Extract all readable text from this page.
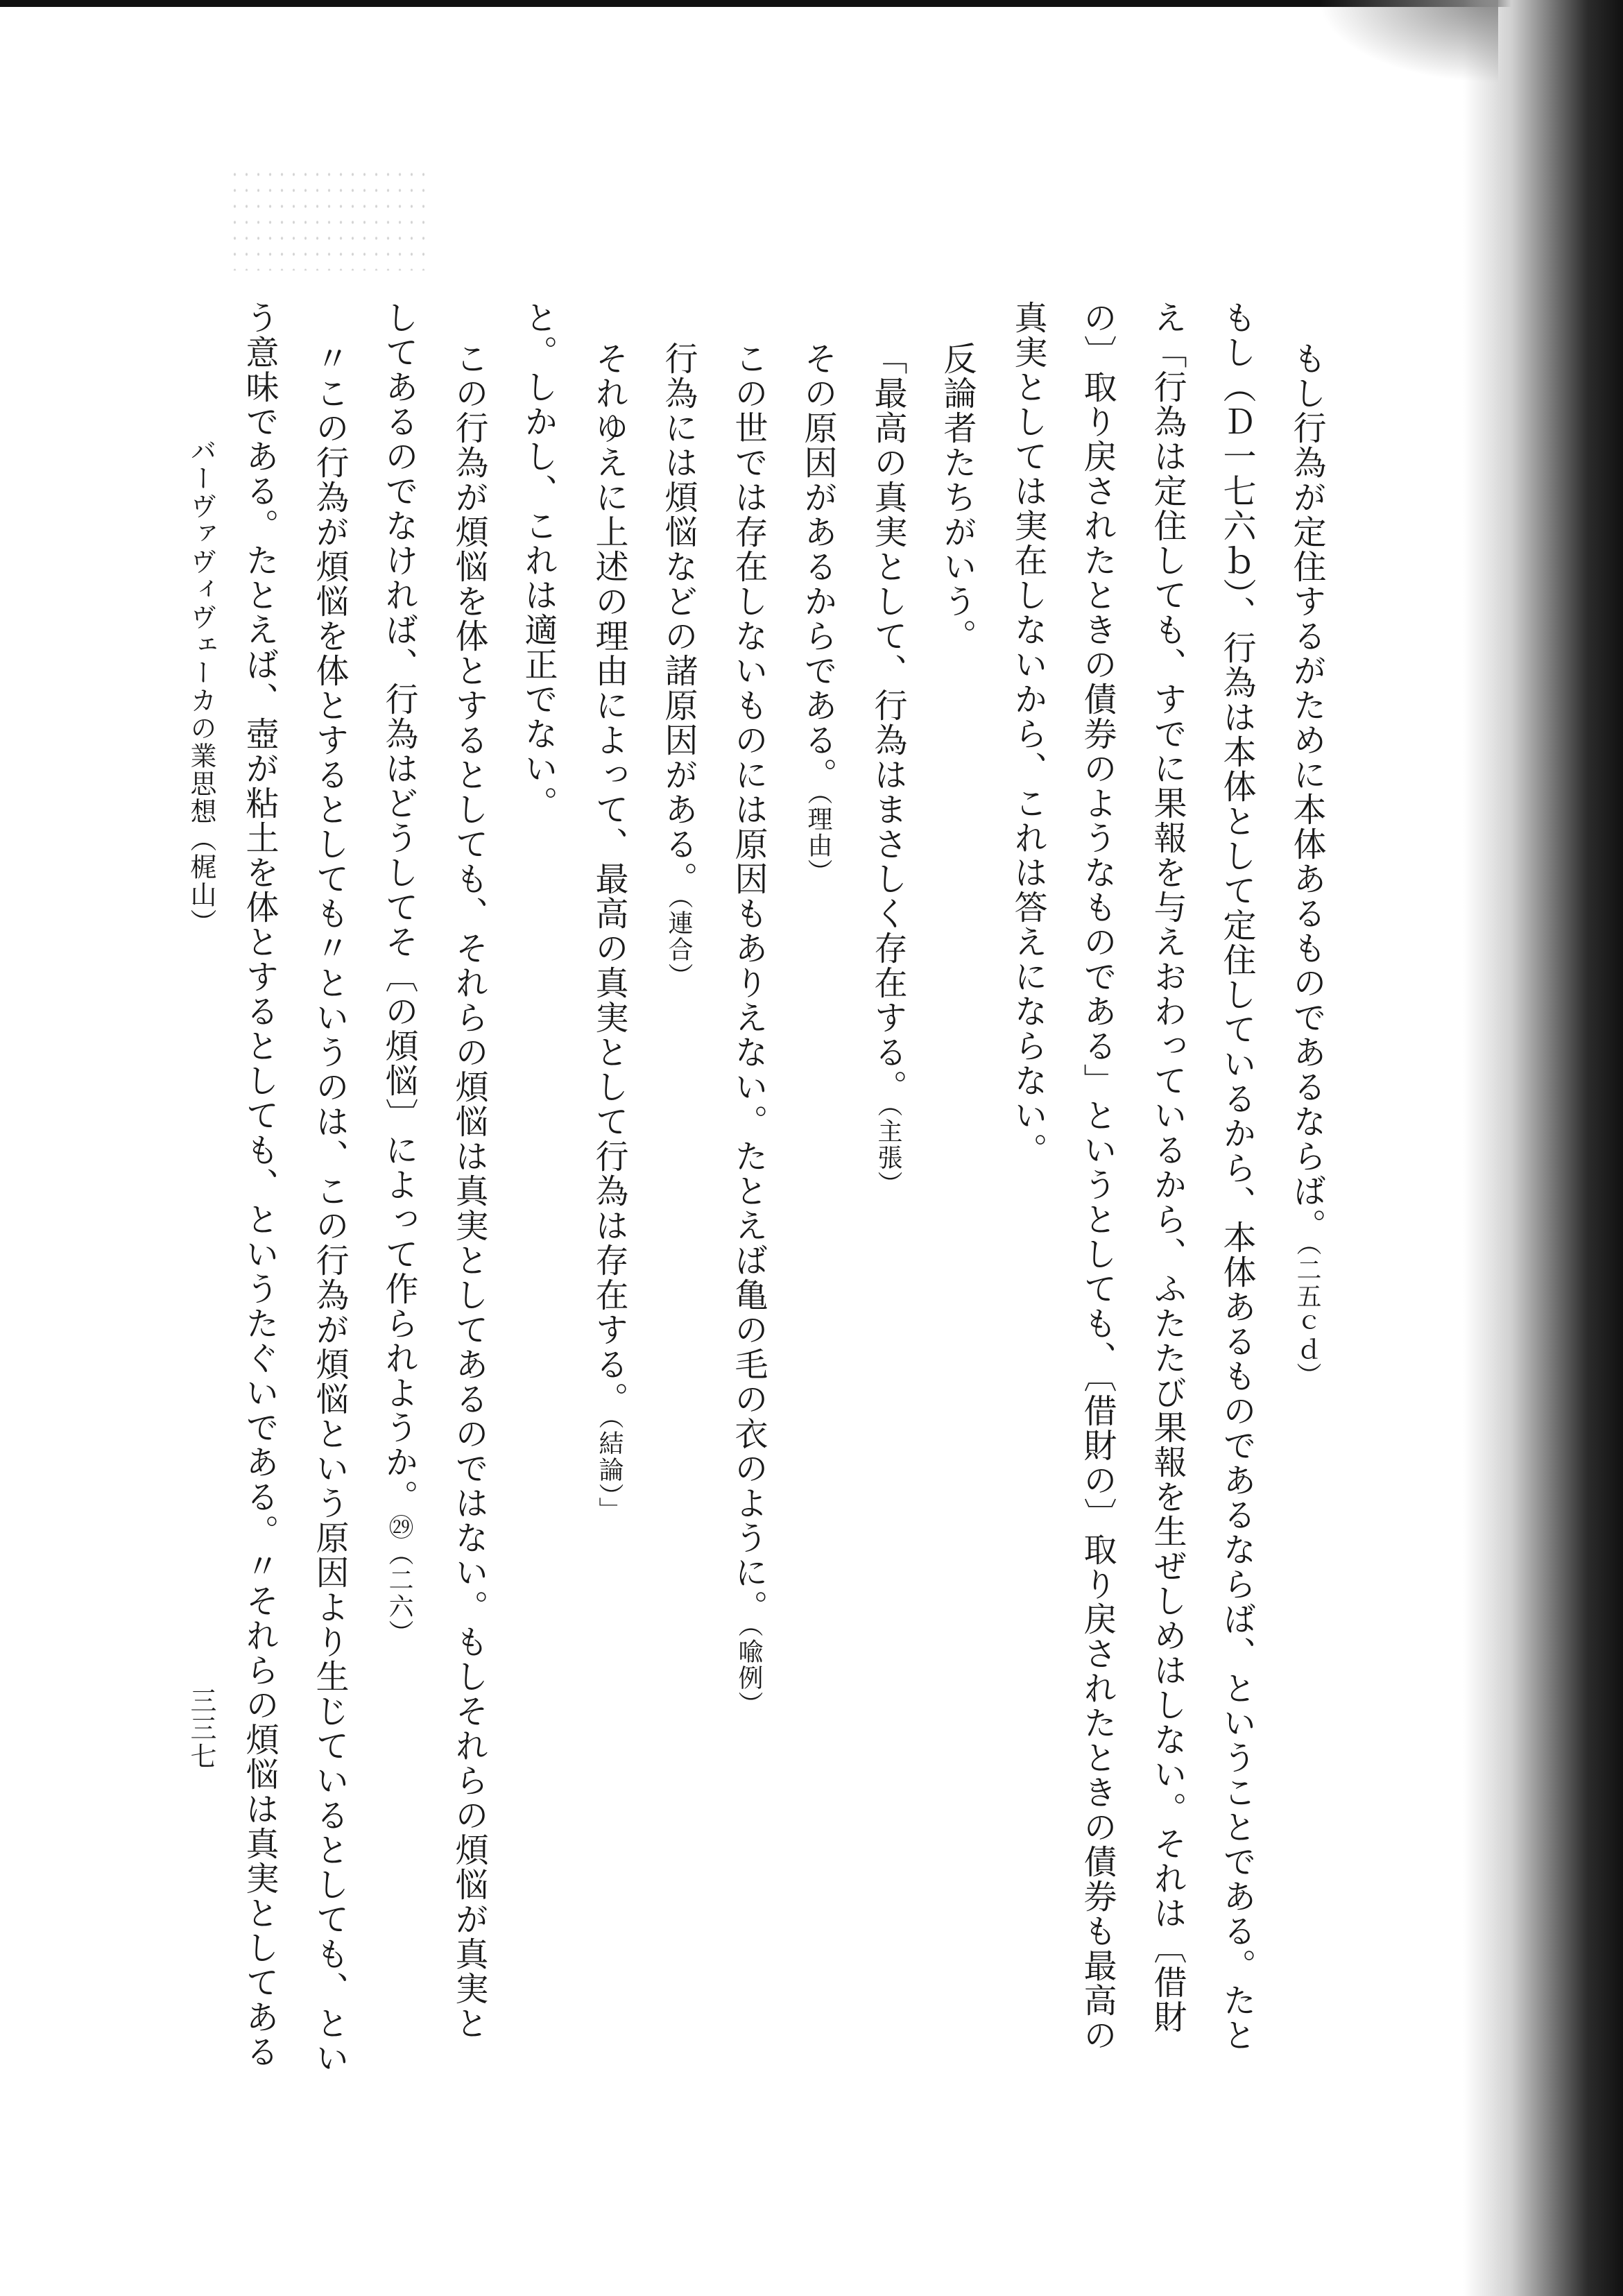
もし行為が定住するがために本体あるものであるならば。（二五ｃｄ）
もし（Ｄ一七六ｂ）、行為は本体として定住しているから、本体あるものであるならば、ということである。たと
え「行為は定住しても、すでに果報を与えおわっているから、ふたたび果報を生ぜしめはしない。それは〔借財
の〕取り戻されたときの債券のようなものである」というとしても、〔借財の〕取り戻されたときの債券も最高の
真実としては実在しないから、これは答えにならない。
反論者たちがいう。
「最高の真実として、行為はまさしく存在する。（主張）
その原因があるからである。（理由）
この世では存在しないものには原因もありえない。たとえば亀の毛の衣のように。（喩例）
行為には煩悩などの諸原因がある。（連合）
それゆえに上述の理由によって、最高の真実として行為は存在する。（結論）」
と。しかし、これは適正でない。
この行為が煩悩を体とするとしても、それらの煩悩は真実としてあるのではない。もしそれらの煩悩が真実と
してあるのでなければ、行為はどうしてそ〔の煩悩〕によって作られようか。㉙（二六）
〃この行為が煩悩を体とするとしても〃というのは、この行為が煩悩という原因より生じているとしても、とい
う意味である。たとえば、壺が粘土を体とするとしても、というたぐいである。〃それらの煩悩は真実としてある
バーヴァヴィヴェーカの業思想（梶山）
三三七
